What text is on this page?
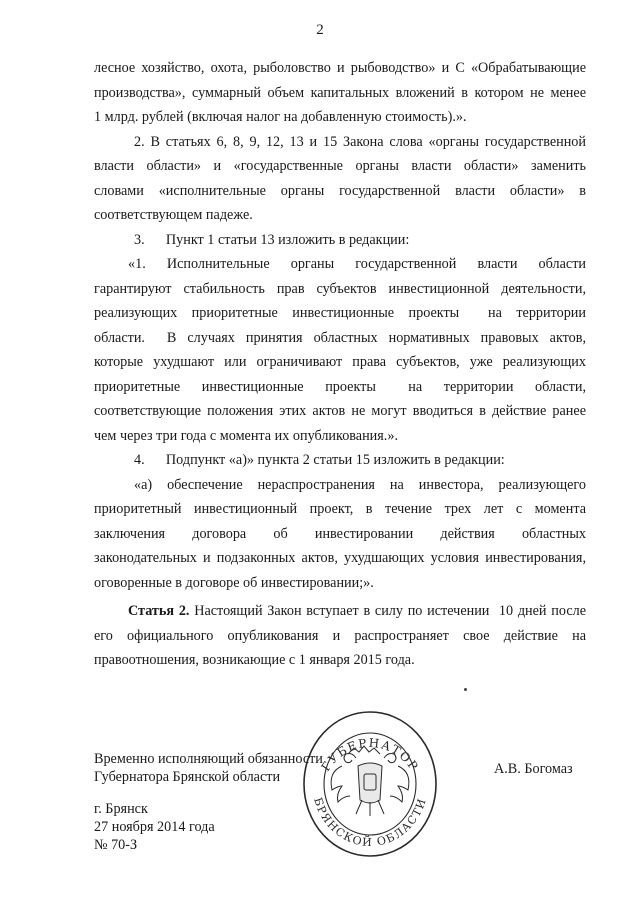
2

лесное хозяйство, охота, рыболовство и рыбоводство» и C «Обрабатывающие
производства», суммарный объем капитальных вложений в котором не менее
1 млрд. рублей (включая налог на добавленную стоимость).».

2. В статьях 6, 8, 9, 12, 13 и 15 Закона слова «органы государственной
власти области» и «государственные органы власти области» заменить
словами «исполнительные органы государственной власти области» в
соответствующем падеже.

3.      Пункт 1 статьи 13 изложить в редакции:

«1.    Исполнительные    органы    государственной    власти    области
гарантируют стабильность прав субъектов инвестиционной деятельности,
реализующих приоритетные инвестиционные проекты  на территории
области.  В случаях принятия областных нормативных правовых актов,
которые ухудшают или ограничивают права субъектов, уже реализующих
приоритетные  инвестиционные  проекты   на  территории  области,
соответствующие положения этих актов не могут вводиться в действие ранее
чем через три года с момента их опубликования.».

4.      Подпункт «а)» пункта 2 статьи 15 изложить в редакции:

«а) обеспечение нераспространения на инвестора, реализующего
приоритетный инвестиционный проект, в течение трех лет с момента
заключения  договора  об  инвестировании  действия  областных
законодательных и подзаконных актов, ухудшающих условия инвестирования,
оговоренные в договоре об инвестировании;».

Статья 2. Настоящий Закон вступает в силу по истечении  10 дней после
его официального опубликования и распространяет свое действие на
правоотношения, возникающие с 1 января 2015 года.

Временно исполняющий обязанности
Губернатора Брянской области	А.В. Богомаз
г. Брянск
27 ноября 2014 года
№ 70-З
ГУБЕРНАТОР
БРЯНСКОЙ ОБЛАСТИ
